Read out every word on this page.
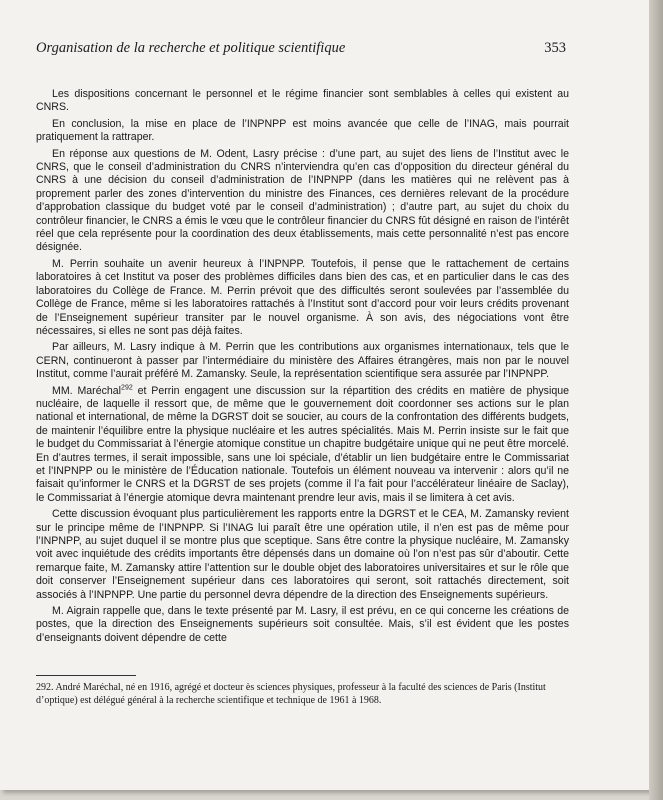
Organisation de la recherche et politique scientifique	353

Les dispositions concernant le personnel et le régime financier sont semblables à celles qui existent au CNRS.

En conclusion, la mise en place de l’INPNPP est moins avancée que celle de l’INAG, mais pourrait pratiquement la rattraper.

En réponse aux questions de M. Odent, Lasry précise : d’une part, au sujet des liens de l’Institut avec le CNRS, que le conseil d’administration du CNRS n’interviendra qu’en cas d’opposition du directeur général du CNRS à une décision du conseil d’administration de l’INPNPP (dans les matières qui ne relèvent pas à proprement parler des zones d’intervention du ministre des Finances, ces dernières relevant de la procédure d’approbation classique du budget voté par le conseil d’administration) ; d’autre part, au sujet du choix du contrôleur financier, le CNRS a émis le vœu que le contrôleur financier du CNRS fût désigné en raison de l’intérêt réel que cela représente pour la coordination des deux établissements, mais cette personnalité n’est pas encore désignée.

M. Perrin souhaite un avenir heureux à l’INPNPP. Toutefois, il pense que le rattachement de certains laboratoires à cet Institut va poser des problèmes difficiles dans bien des cas, et en particulier dans le cas des laboratoires du Collège de France. M. Perrin prévoit que des difficultés seront soulevées par l’assemblée du Collège de France, même si les laboratoires rattachés à l’Institut sont d’accord pour voir leurs crédits provenant de l’Enseignement supérieur transiter par le nouvel organisme. À son avis, des négociations vont être nécessaires, si elles ne sont pas déjà faites.

Par ailleurs, M. Lasry indique à M. Perrin que les contributions aux organismes internationaux, tels que le CERN, continueront à passer par l’intermédiaire du ministère des Affaires étrangères, mais non par le nouvel Institut, comme l’aurait préféré M. Zamansky. Seule, la représentation scientifique sera assurée par l’INPNPP.

MM. Maréchal$^{292}$ et Perrin engagent une discussion sur la répartition des crédits en matière de physique nucléaire, de laquelle il ressort que, de même que le gouvernement doit coordonner ses actions sur le plan national et international, de même la DGRST doit se soucier, au cours de la confrontation des différents budgets, de maintenir l’équilibre entre la physique nucléaire et les autres spécialités. Mais M. Perrin insiste sur le fait que le budget du Commissariat à l’énergie atomique constitue un chapitre budgétaire unique qui ne peut être morcelé. En d’autres termes, il serait impossible, sans une loi spéciale, d’établir un lien budgétaire entre le Commissariat et l’INPNPP ou le ministère de l’Éducation nationale. Toutefois un élément nouveau va intervenir : alors qu’il ne faisait qu’informer le CNRS et la DGRST de ses projets (comme il l’a fait pour l’accélérateur linéaire de Saclay), le Commissariat à l’énergie atomique devra maintenant prendre leur avis, mais il se limitera à cet avis.

Cette discussion évoquant plus particulièrement les rapports entre la DGRST et le CEA, M. Zamansky revient sur le principe même de l’INPNPP. Si l’INAG lui paraît être une opération utile, il n’en est pas de même pour l’INPNPP, au sujet duquel il se montre plus que sceptique. Sans être contre la physique nucléaire, M. Zamansky voit avec inquiétude des crédits importants être dépensés dans un domaine où l’on n’est pas sûr d’aboutir. Cette remarque faite, M. Zamansky attire l’attention sur le double objet des laboratoires universitaires et sur le rôle que doit conserver l’Enseignement supérieur dans ces laboratoires qui seront, soit rattachés directement, soit associés à l’INPNPP. Une partie du personnel devra dépendre de la direction des Enseignements supérieurs.

M. Aigrain rappelle que, dans le texte présenté par M. Lasry, il est prévu, en ce qui concerne les créations de postes, que la direction des Enseignements supérieurs soit consultée. Mais, s’il est évident que les postes d’enseignants doivent dépendre de cette

292. André Maréchal, né en 1916, agrégé et docteur ès sciences physiques, professeur à la faculté des sciences de Paris (Institut d’optique) est délégué général à la recherche scientifique et technique de 1961 à 1968.
